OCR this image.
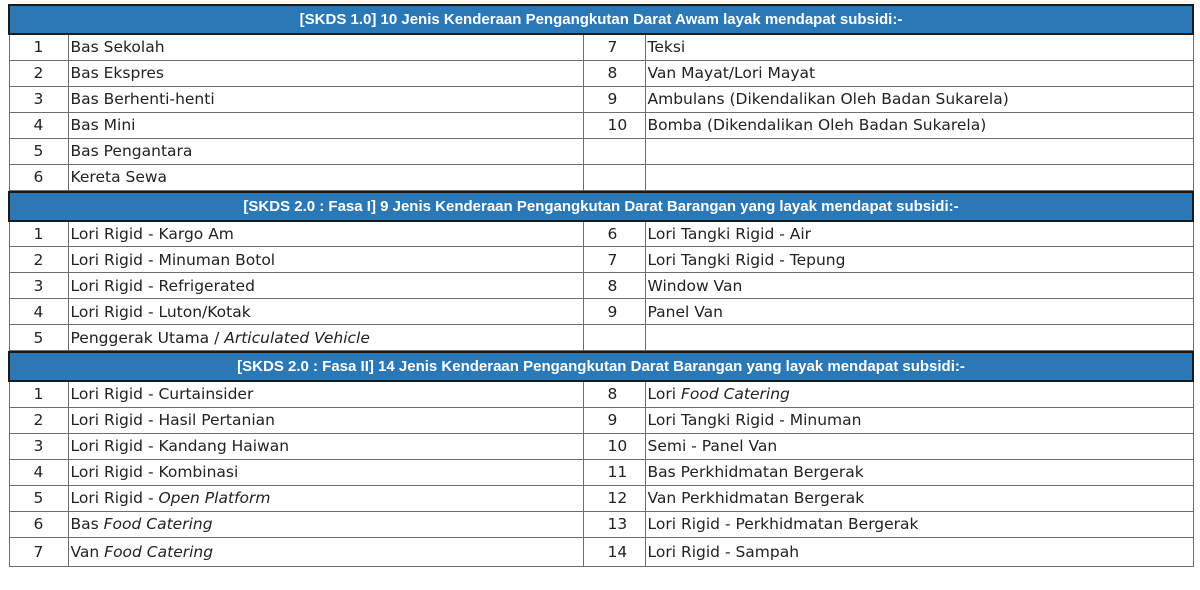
[SKDS 1.0] 10 Jenis Kenderaan Pengangkutan Darat Awam layak mendapat subsidi:-			
1	Bas Sekolah	7	Teksi
2	Bas Ekspres	8	Van Mayat/Lori Mayat
3	Bas Berhenti-henti	9	Ambulans (Dikendalikan Oleh Badan Sukarela)
4	Bas Mini	10	Bomba (Dikendalikan Oleh Badan Sukarela)
5	Bas Pengantara		
6	Kereta Sewa		
[SKDS 2.0 : Fasa I] 9 Jenis Kenderaan Pengangkutan Darat Barangan yang layak mendapat subsidi:-			
1	Lori Rigid - Kargo Am	6	Lori Tangki Rigid - Air
2	Lori Rigid - Minuman Botol	7	Lori Tangki Rigid - Tepung
3	Lori Rigid - Refrigerated	8	Window Van
4	Lori Rigid - Luton/Kotak	9	Panel Van
5	Penggerak Utama / Articulated Vehicle		
[SKDS 2.0 : Fasa II] 14 Jenis Kenderaan Pengangkutan Darat Barangan yang layak mendapat subsidi:-			
1	Lori Rigid - Curtainsider	8	Lori Food Catering
2	Lori Rigid - Hasil Pertanian	9	Lori Tangki Rigid - Minuman
3	Lori Rigid - Kandang Haiwan	10	Semi - Panel Van
4	Lori Rigid - Kombinasi	11	Bas Perkhidmatan Bergerak
5	Lori Rigid - Open Platform	12	Van Perkhidmatan Bergerak
6	Bas Food Catering	13	Lori Rigid - Perkhidmatan Bergerak
7	Van Food Catering	14	Lori Rigid - Sampah
